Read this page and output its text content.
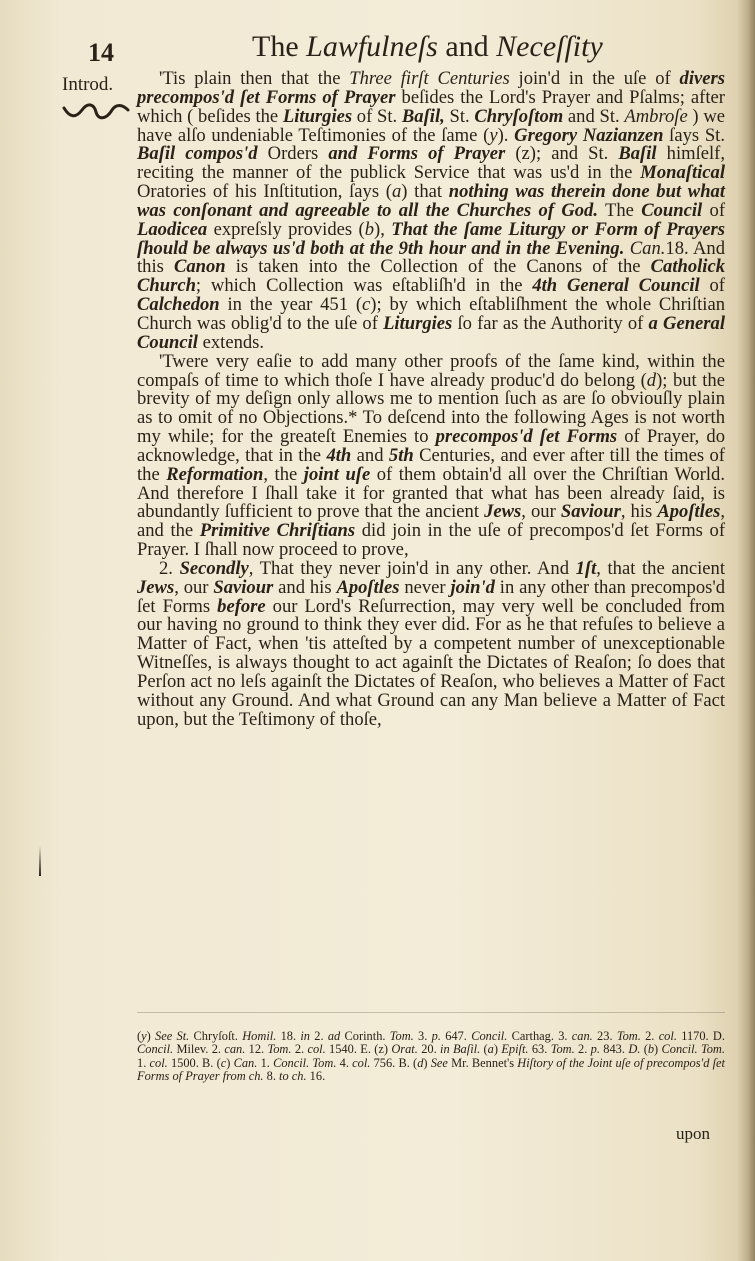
14	The Lawfulneſs and Neceſſity
Introd.	'Tis plain then that the Three firſt Centuries join'd in the uſe of divers precompos'd ſet Forms of Prayer beſides the Lord's Prayer and Pſalms; after which ( beſides the Liturgies of St. Baſil, St. Chryſoſtom and St. Ambroſe ) we have alſo undeniable Teſtimonies of the ſame (y). Gregory Nazianzen ſays St. Baſil compos'd Orders and Forms of Prayer (z); and St. Baſil himſelf, reciting the manner of the publick Service that was us'd in the Monaſtical Oratories of his Inſtitution, ſays (a) that nothing was therein done but what was conſonant and agreeable to all the Churches of God. The Council of Laodicea expreſsly provides (b), That the ſame Liturgy or Form of Prayers ſhould be always us'd both at the 9th hour and in the Evening. Can.18. And this Canon is taken into the Collection of the Canons of the Catholick Church; which Collection was eſtabliſh'd in the 4th General Council of Calchedon in the year 451 (c); by which eſtabliſhment the whole Chriſtian Church was oblig'd to the uſe of Liturgies ſo far as the Authority of a General Council extends.

'Twere very eaſie to add many other proofs of the ſame kind, within the compaſs of time to which thoſe I have already produc'd do belong (d); but the brevity of my deſign only allows me to mention ſuch as are ſo obviouſly plain as to omit of no Objections.* To deſcend into the following Ages is not worth my while; for the greateſt Enemies to precompos'd ſet Forms of Prayer, do acknowledge, that in the 4th and 5th Centuries, and ever after till the times of the Reformation, the joint uſe of them obtain'd all over the Chriſtian World. And therefore I ſhall take it for granted that what has been already ſaid, is abundantly ſufficient to prove that the ancient Jews, our Saviour, his Apoſtles, and the Primitive Chriſtians did join in the uſe of precompos'd ſet Forms of Prayer. I ſhall now proceed to prove,

2. Secondly, That they never join'd in any other. And 1ſt, that the ancient Jews, our Saviour and his Apoſtles never join'd in any other than precompos'd ſet Forms before our Lord's Reſurrection, may very well be concluded from our having no ground to think they ever did. For as he that refuſes to believe a Matter of Fact, when 'tis atteſted by a competent number of unexceptionable Witneſſes, is always thought to act againſt the Dictates of Reaſon; ſo does that Perſon act no leſs againſt the Dictates of Reaſon, who believes a Matter of Fact without any Ground. And what Ground can any Man believe a Matter of Fact upon, but the Teſtimony of thoſe,

(y) See St. Chryſoſt. Homil. 18. in 2. ad Corinth. Tom. 3. p. 647. Concil. Carthag. 3. can. 23. Tom. 2. col. 1170. D. Concil. Milev. 2. can. 12. Tom. 2. col. 1540. E. (z) Orat. 20. in Baſil. (a) Epiſt. 63. Tom. 2. p. 843. D. (b) Concil. Tom. 1. col. 1500. B. (c) Can. 1. Concil. Tom. 4. col. 756. B. (d) See Mr. Bennet's Hiſtory of the Joint uſe of precompos'd ſet Forms of Prayer from ch. 8. to ch. 16.
upon
